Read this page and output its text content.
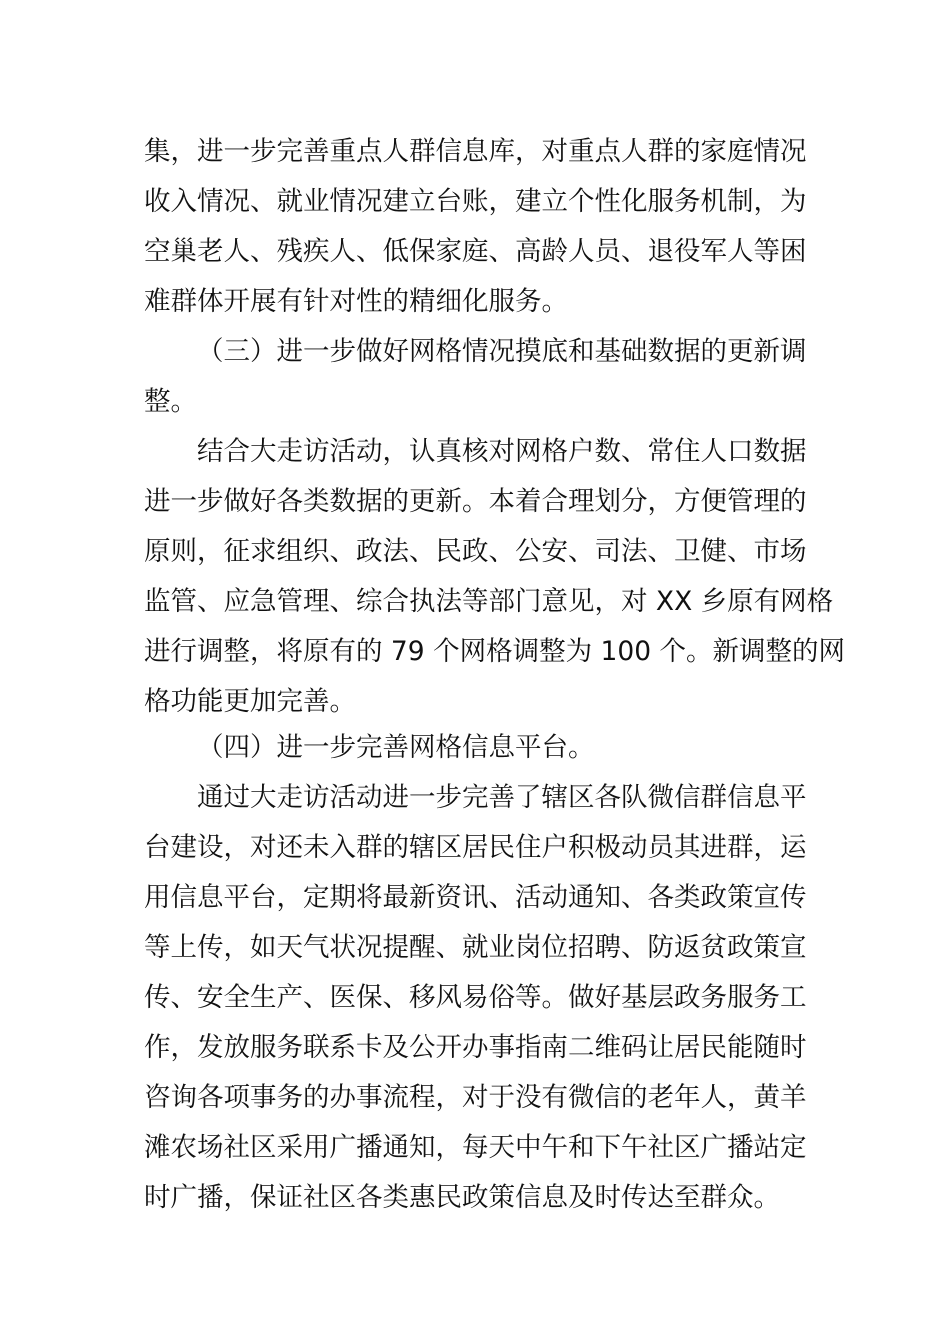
集，进一步完善重点人群信息库，对重点人群的家庭情况
收入情况、就业情况建立台账，建立个性化服务机制，为
空巢老人、残疾人、低保家庭、高龄人员、退役军人等困
难群体开展有针对性的精细化服务。
（三）进一步做好网格情况摸底和基础数据的更新调
整。
结合大走访活动，认真核对网格户数、常住人口数据
进一步做好各类数据的更新。本着合理划分，方便管理的
原则，征求组织、政法、民政、公安、司法、卫健、市场
监管、应急管理、综合执法等部门意见，对 XX 乡原有网格
进行调整，将原有的 79 个网格调整为 100 个。新调整的网
格功能更加完善。
（四）进一步完善网格信息平台。
通过大走访活动进一步完善了辖区各队微信群信息平
台建设，对还未入群的辖区居民住户积极动员其进群，运
用信息平台，定期将最新资讯、活动通知、各类政策宣传
等上传，如天气状况提醒、就业岗位招聘、防返贫政策宣
传、安全生产、医保、移风易俗等。做好基层政务服务工
作，发放服务联系卡及公开办事指南二维码让居民能随时
咨询各项事务的办事流程，对于没有微信的老年人，黄羊
滩农场社区采用广播通知，每天中午和下午社区广播站定
时广播，保证社区各类惠民政策信息及时传达至群众。
